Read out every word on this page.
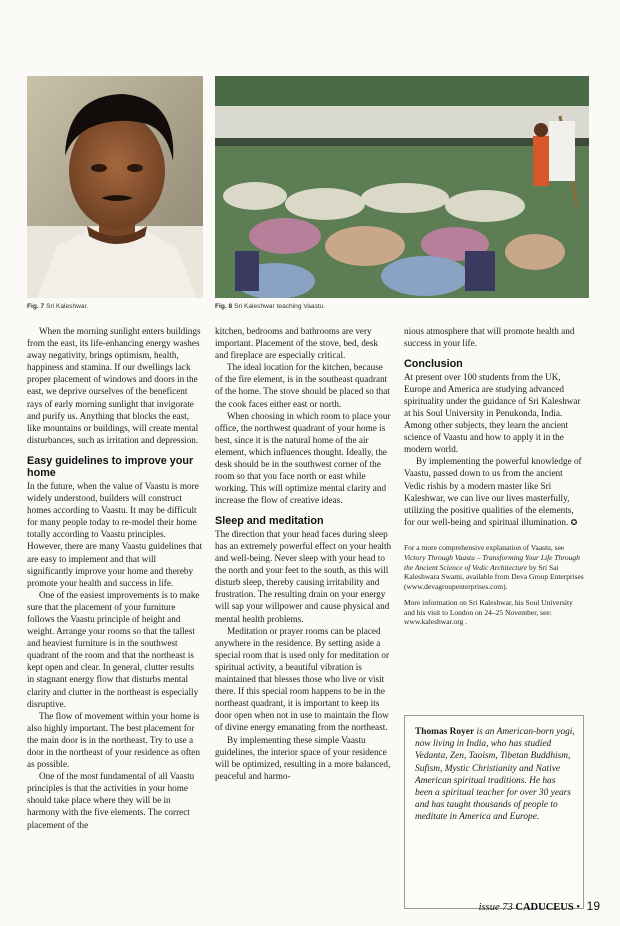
Fig. 7 Sri Kaleshwar.	Fig. 8 Sri Kaleshwar teaching Vaastu.

When the morning sunlight enters buildings from the east, its life-enhancing energy washes away negativity, brings optimism, health, happiness and stamina. If our dwellings lack proper placement of windows and doors in the east, we deprive ourselves of the beneficent rays of early morning sunlight that invigorate and purify us. Anything that blocks the east, like mountains or buildings, will create mental disturbances, such as irritation and depression.

Easy guidelines to improve your home

In the future, when the value of Vaastu is more widely understood, builders will construct homes according to Vaastu. It may be difficult for many people today to re-model their home totally according to Vaastu principles. However, there are many Vaastu guidelines that are easy to implement and that will significantly improve your home and thereby promote your health and success in life.

One of the easiest improvements is to make sure that the placement of your furniture follows the Vaastu principle of height and weight. Arrange your rooms so that the tallest and heaviest furniture is in the southwest quadrant of the room and that the northeast is kept open and clear. In general, clutter results in stagnant energy flow that disturbs mental clarity and clutter in the northeast is especially disruptive.

The flow of movement within your home is also highly important. The best placement for the main door is in the northeast. Try to use a door in the northeast of your residence as often as possible.

One of the most fundamental of all Vaastu principles is that the activities in your home should take place where they will be in harmony with the five elements. The correct placement of the

kitchen, bedrooms and bathrooms are very important. Placement of the stove, bed, desk and fireplace are especially critical.

The ideal location for the kitchen, because of the fire element, is in the southeast quadrant of the home. The stove should be placed so that the cook faces either east or north.

When choosing in which room to place your office, the northwest quadrant of your home is best, since it is the natural home of the air element, which influences thought. Ideally, the desk should be in the southwest corner of the room so that you face north or east while working. This will optimize mental clarity and increase the flow of creative ideas.

Sleep and meditation

The direction that your head faces during sleep has an extremely powerful effect on your health and well-being. Never sleep with your head to the north and your feet to the south, as this will disturb sleep, thereby causing irritability and frustration. The resulting drain on your energy will sap your willpower and cause physical and mental health problems.

Meditation or prayer rooms can be placed anywhere in the residence. By setting aside a special room that is used only for meditation or spiritual activity, a beautiful vibration is maintained that blesses those who live or visit there. If this special room happens to be in the northeast quadrant, it is important to keep its door open when not in use to maintain the flow of divine energy emanating from the northeast.

By implementing these simple Vaastu guidelines, the interior space of your residence will be optimized, resulting in a more balanced, peaceful and harmo-

nious atmosphere that will promote health and success in your life.

Conclusion

At present over 100 students from the UK, Europe and America are studying advanced spirituality under the guidance of Sri Kaleshwar at his Soul University in Penukonda, India. Among other subjects, they learn the ancient science of Vaastu and how to apply it in the modern world.

By implementing the powerful knowledge of Vaastu, passed down to us from the ancient Vedic rishis by a modern master like Sri Kaleshwar, we can live our lives masterfully, utilizing the positive qualities of the elements, for our well-being and spiritual illumination. ✪

For a more comprehensive explanation of Vaastu, see Victory Through Vaastu – Transforming Your Life Through the Ancient Science of Vedic Architecture by Sri Sai Kaleshwara Swami, available from Deva Group Enterprises (www.devagroupenterprises.com).

More information on Sri Kaleshwar, his Soul University and his visit to London on 24–25 November, see: www.kaleshwar.org .

Thomas Royer is an American-born yogi, now living in India, who has studied Vedanta, Zen, Taoism, Tibetan Buddhism, Sufism, Mystic Christianity and Native American spiritual traditions. He has been a spiritual teacher for over 30 years and has taught thousands of people to meditate in America and Europe.
issue 73 CADUCEUS • 19
